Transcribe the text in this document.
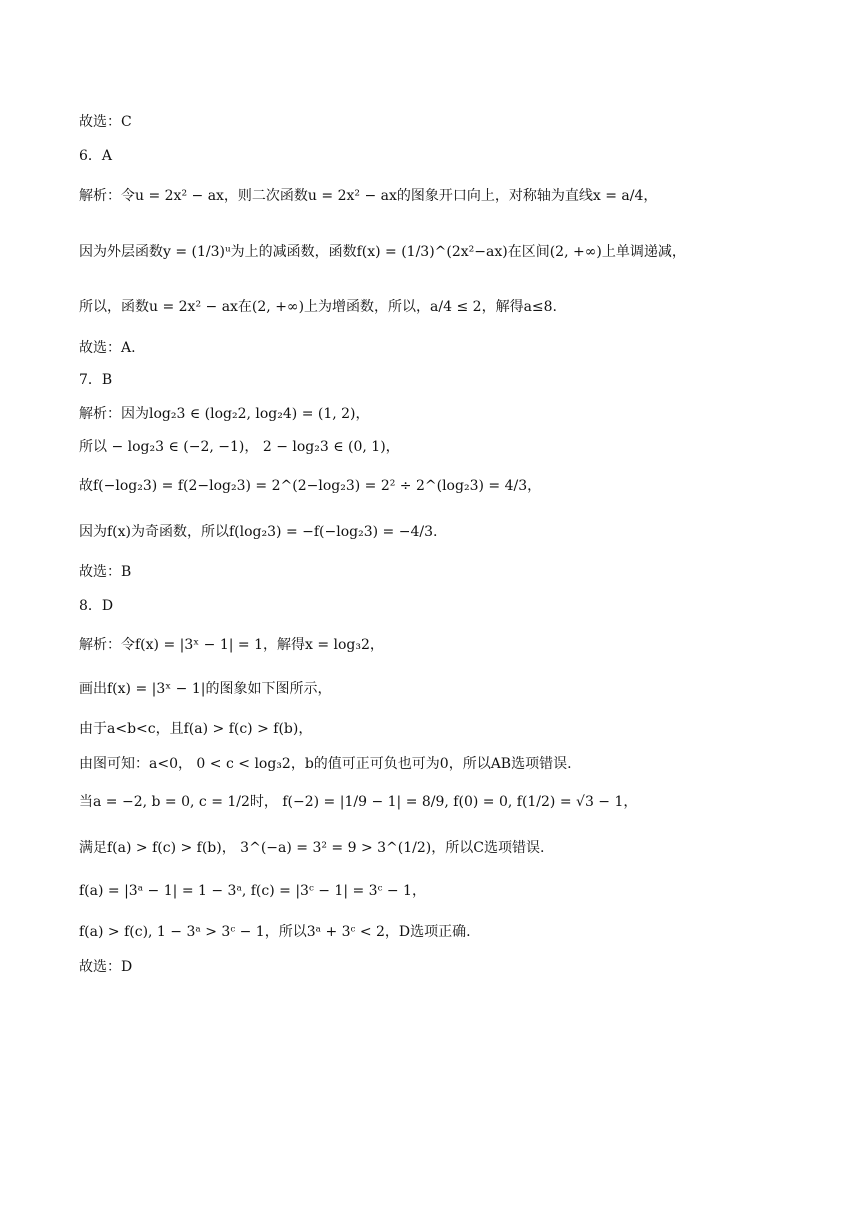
故选：C
6．A
解析：令u = 2x² − ax，则二次函数u = 2x² − ax的图象开口向上，对称轴为直线x = a/4，
因为外层函数y = (1/3)ᵘ为上的减函数，函数f(x) = (1/3)^(2x²−ax)在区间(2, +∞)上单调递减，
所以，函数u = 2x² − ax在(2, +∞)上为增函数，所以，a/4 ≤ 2，解得a≤8.
故选：A.
7．B
解析：因为log₂3 ∈ (log₂2, log₂4) = (1, 2)，
所以 − log₂3 ∈ (−2, −1)， 2 − log₂3 ∈ (0, 1)，
故f(−log₂3) = f(2−log₂3) = 2^(2−log₂3) = 2² ÷ 2^(log₂3) = 4/3，
因为f(x)为奇函数，所以f(log₂3) = −f(−log₂3) = −4/3.
故选：B
8．D
解析：令f(x) = |3ˣ − 1| = 1，解得x = log₃2，
画出f(x) = |3ˣ − 1|的图象如下图所示，
由于a<b<c，且f(a) > f(c) > f(b)，
由图可知：a<0， 0 < c < log₃2，b的值可正可负也可为0，所以AB选项错误.
当a = −2, b = 0, c = 1/2时， f(−2) = |1/9 − 1| = 8/9, f(0) = 0, f(1/2) = √3 − 1，
满足f(a) > f(c) > f(b)， 3^(−a) = 3² = 9 > 3^(1/2)，所以C选项错误.
f(a) = |3ᵃ − 1| = 1 − 3ᵃ, f(c) = |3ᶜ − 1| = 3ᶜ − 1，
f(a) > f(c), 1 − 3ᵃ > 3ᶜ − 1，所以3ᵃ + 3ᶜ < 2，D选项正确.
故选：D
